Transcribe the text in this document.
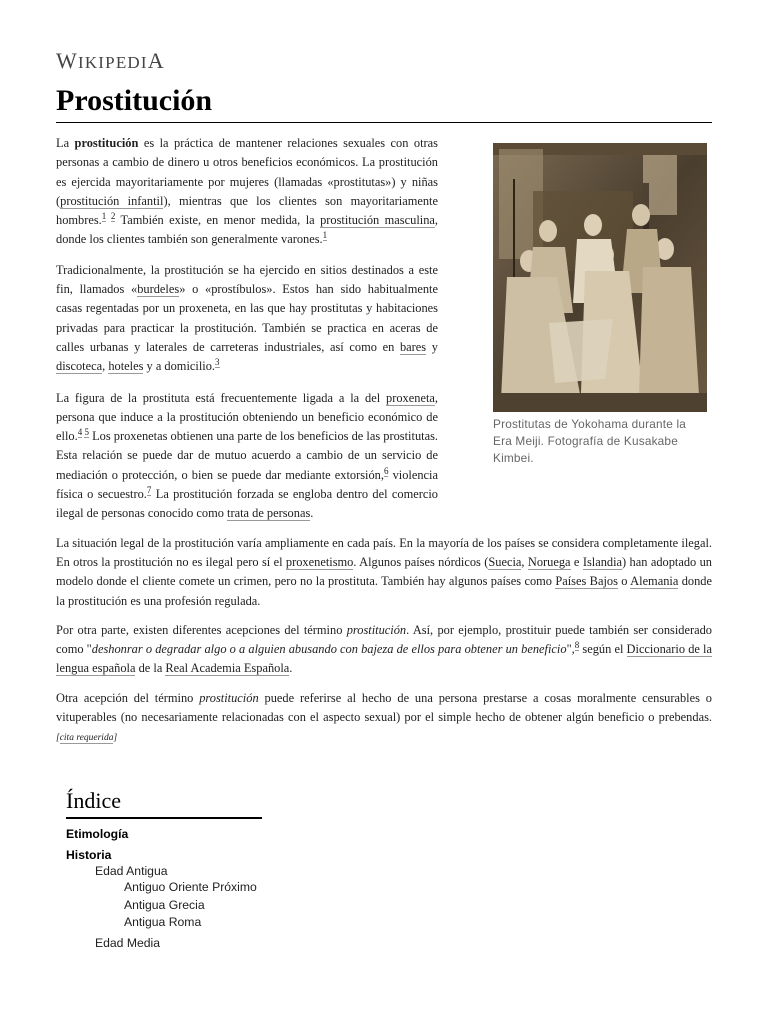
WIKIPEDIA
Prostitución
Prostitutas de Yokohama durante la Era Meiji. Fotografía de Kusakabe Kimbei.

La prostitución es la práctica de mantener relaciones sexuales con otras personas a cambio de dinero u otros beneficios económicos. La prostitución es ejercida mayoritariamente por mujeres (llamadas «prostitutas») y niñas (prostitución infantil), mientras que los clientes son mayoritariamente hombres.$^1$ $^2$ También existe, en menor medida, la prostitución masculina, donde los clientes también son generalmente varones.$^1$

Tradicionalmente, la prostitución se ha ejercido en sitios destinados a este fin, llamados «burdeles» o «prostíbulos». Estos han sido habitualmente casas regentadas por un proxeneta, en las que hay prostitutas y habitaciones privadas para practicar la prostitución. También se practica en aceras de calles urbanas y laterales de carreteras industriales, así como en bares y discoteca, hoteles y a domicilio.$^3$

La figura de la prostituta está frecuentemente ligada a la del proxeneta, persona que induce a la prostitución obteniendo un beneficio económico de ello.$^4$ $^5$ Los proxenetas obtienen una parte de los beneficios de las prostitutas. Esta relación se puede dar de mutuo acuerdo a cambio de un servicio de mediación o protección, o bien se puede dar mediante extorsión,$^6$ violencia física o secuestro.$^7$ La prostitución forzada se engloba dentro del comercio ilegal de personas conocido como trata de personas.

La situación legal de la prostitución varía ampliamente en cada país. En la mayoría de los países se considera completamente ilegal. En otros la prostitución no es ilegal pero sí el proxenetismo. Algunos países nórdicos (Suecia, Noruega e Islandia) han adoptado un modelo donde el cliente comete un crimen, pero no la prostituta. También hay algunos países como Países Bajos o Alemania donde la prostitución es una profesión regulada.

Por otra parte, existen diferentes acepciones del término prostitución. Así, por ejemplo, prostituir puede también ser considerado como "deshonrar o degradar algo o a alguien abusando con bajeza de ellos para obtener un beneficio",$^8$ según el Diccionario de la lengua española de la Real Academia Española.

Otra acepción del término prostitución puede referirse al hecho de una persona prestarse a cosas moralmente censurables o vituperables (no necesariamente relacionadas con el aspecto sexual) por el simple hecho de obtener algún beneficio o prebendas. [cita requerida]

Índice
Etimología
Historia
Edad Antigua
Antiguo Oriente Próximo
Antigua Grecia
Antigua Roma
Edad Media
